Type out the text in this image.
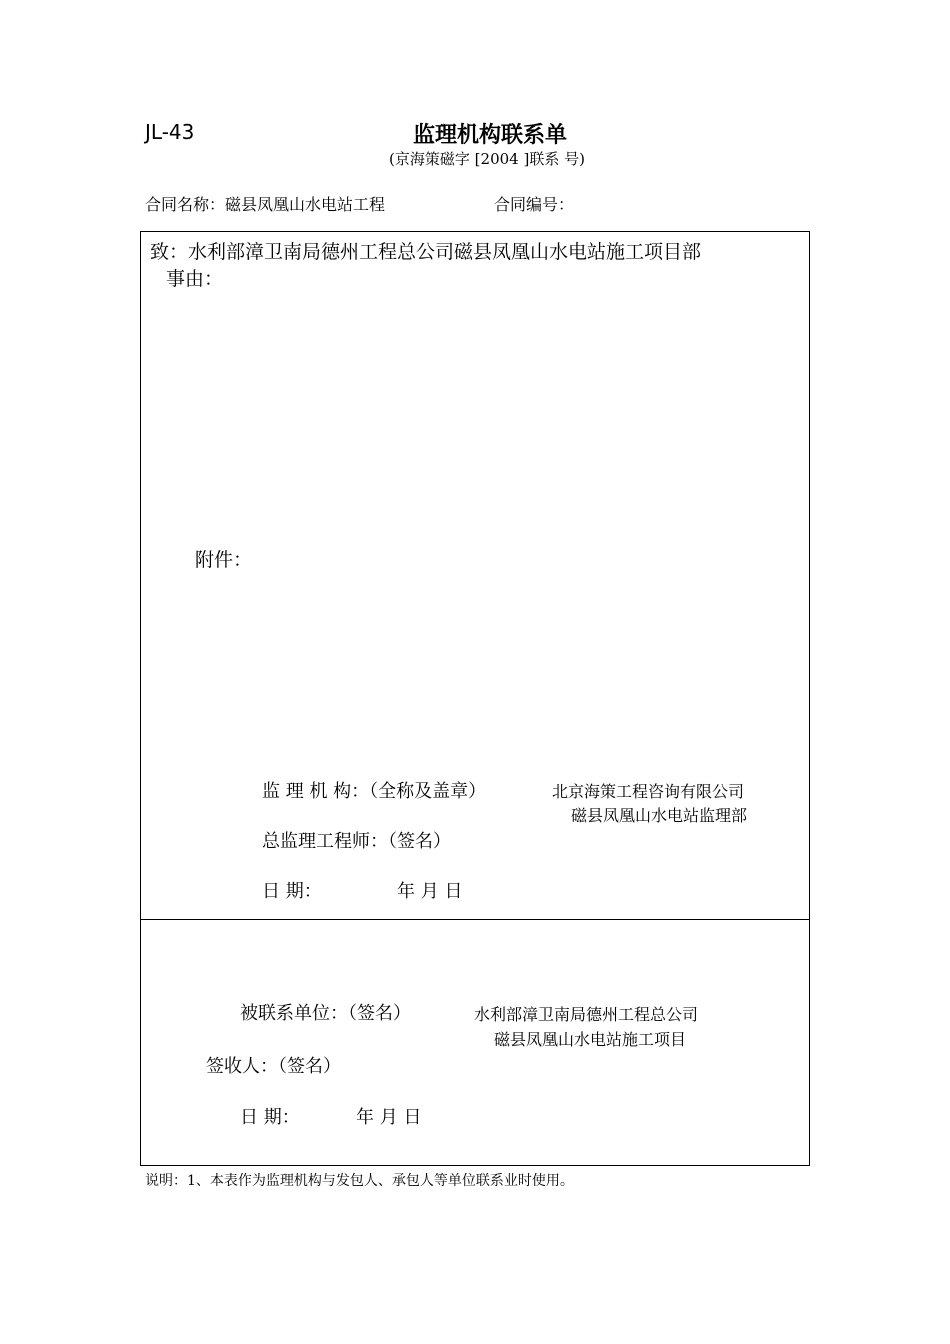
JL-43	监理机构联系单
(京海策磁字 [2004 ]联系 号)
合同名称：磁县凤凰山水电站工程	合同编号：
致：水利部漳卫南局德州工程总公司磁县凤凰山水电站施工项目部
事由：
附件：
监 理 机 构：（全称及盖章）	北京海策工程咨询有限公司
磁县凤凰山水电站监理部
总监理工程师：（签名）
日 期：	年 月 日
被联系单位：（签名）	水利部漳卫南局德州工程总公司
磁县凤凰山水电站施工项目
签收人：（签名）
日 期：	年 月 日
说明：1、本表作为监理机构与发包人、承包人等单位联系业时使用。
